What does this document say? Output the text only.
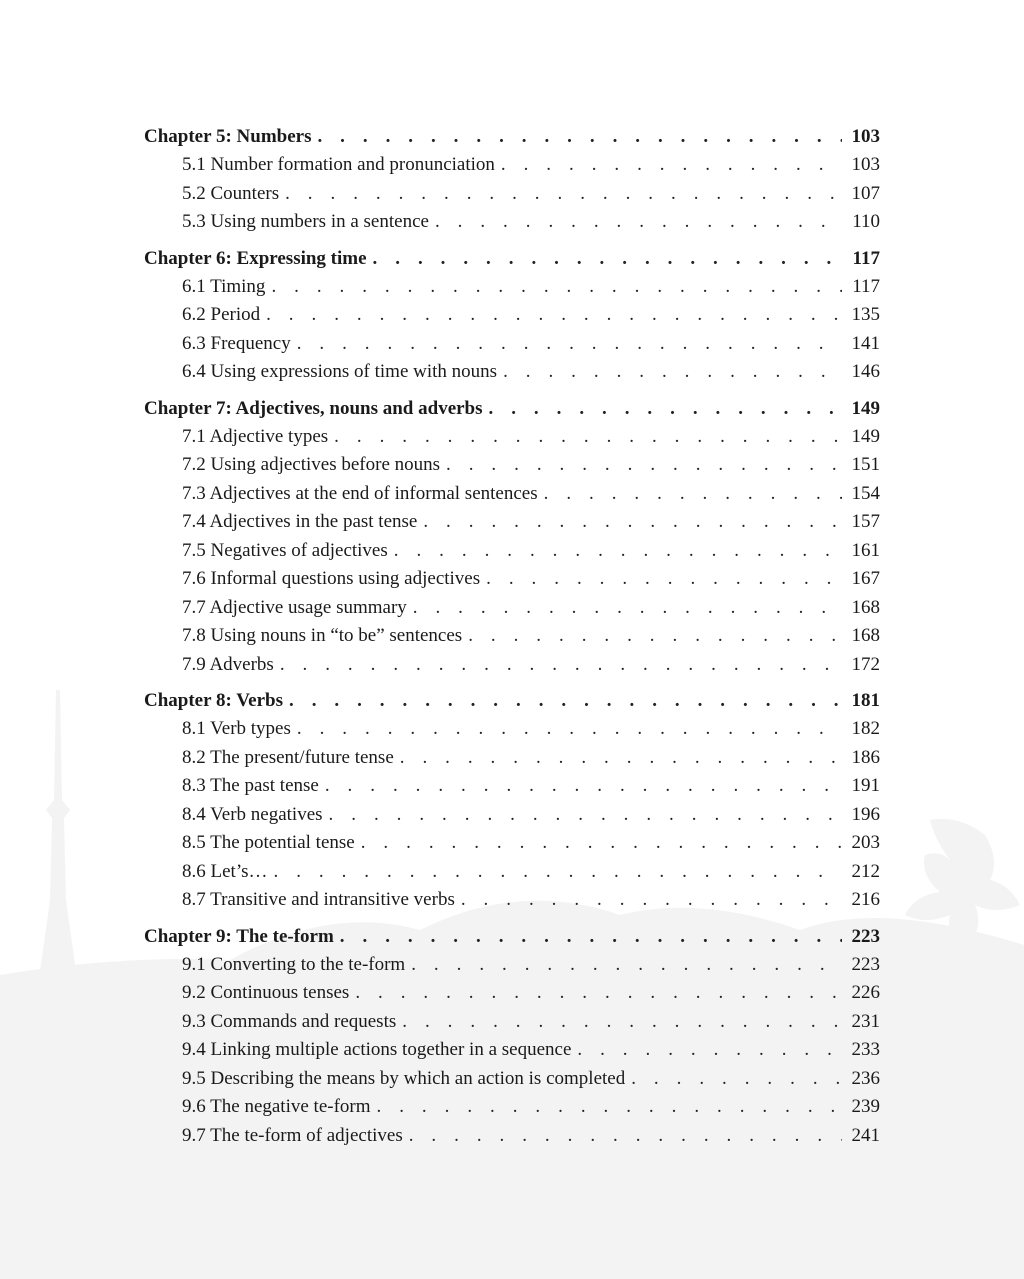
Chapter 5: Numbers . . .	103
5.1 Number formation and pronunciation . . .	103
5.2 Counters . . .	107
5.3 Using numbers in a sentence . . .	110
Chapter 6: Expressing time . . .	117
6.1 Timing . . .	117
6.2 Period . . .	135
6.3 Frequency . . .	141
6.4 Using expressions of time with nouns . . .	146
Chapter 7: Adjectives, nouns and adverbs . . .	149
7.1 Adjective types . . .	149
7.2 Using adjectives before nouns . . .	151
7.3 Adjectives at the end of informal sentences . . .	154
7.4 Adjectives in the past tense . . .	157
7.5 Negatives of adjectives . . .	161
7.6 Informal questions using adjectives . . .	167
7.7 Adjective usage summary . . .	168
7.8 Using nouns in “to be” sentences . . .	168
7.9 Adverbs . . .	172
Chapter 8: Verbs . . .	181
8.1 Verb types . . .	182
8.2 The present/future tense . . .	186
8.3 The past tense . . .	191
8.4 Verb negatives . . .	196
8.5 The potential tense . . .	203
8.6 Let’s… . . .	212
8.7 Transitive and intransitive verbs . . .	216
Chapter 9: The te-form . . .	223
9.1 Converting to the te-form . . .	223
9.2 Continuous tenses . . .	226
9.3 Commands and requests . . .	231
9.4 Linking multiple actions together in a sequence . . .	233
9.5 Describing the means by which an action is completed . . .	236
9.6 The negative te-form . . .	239
9.7 The te-form of adjectives . . .	241
